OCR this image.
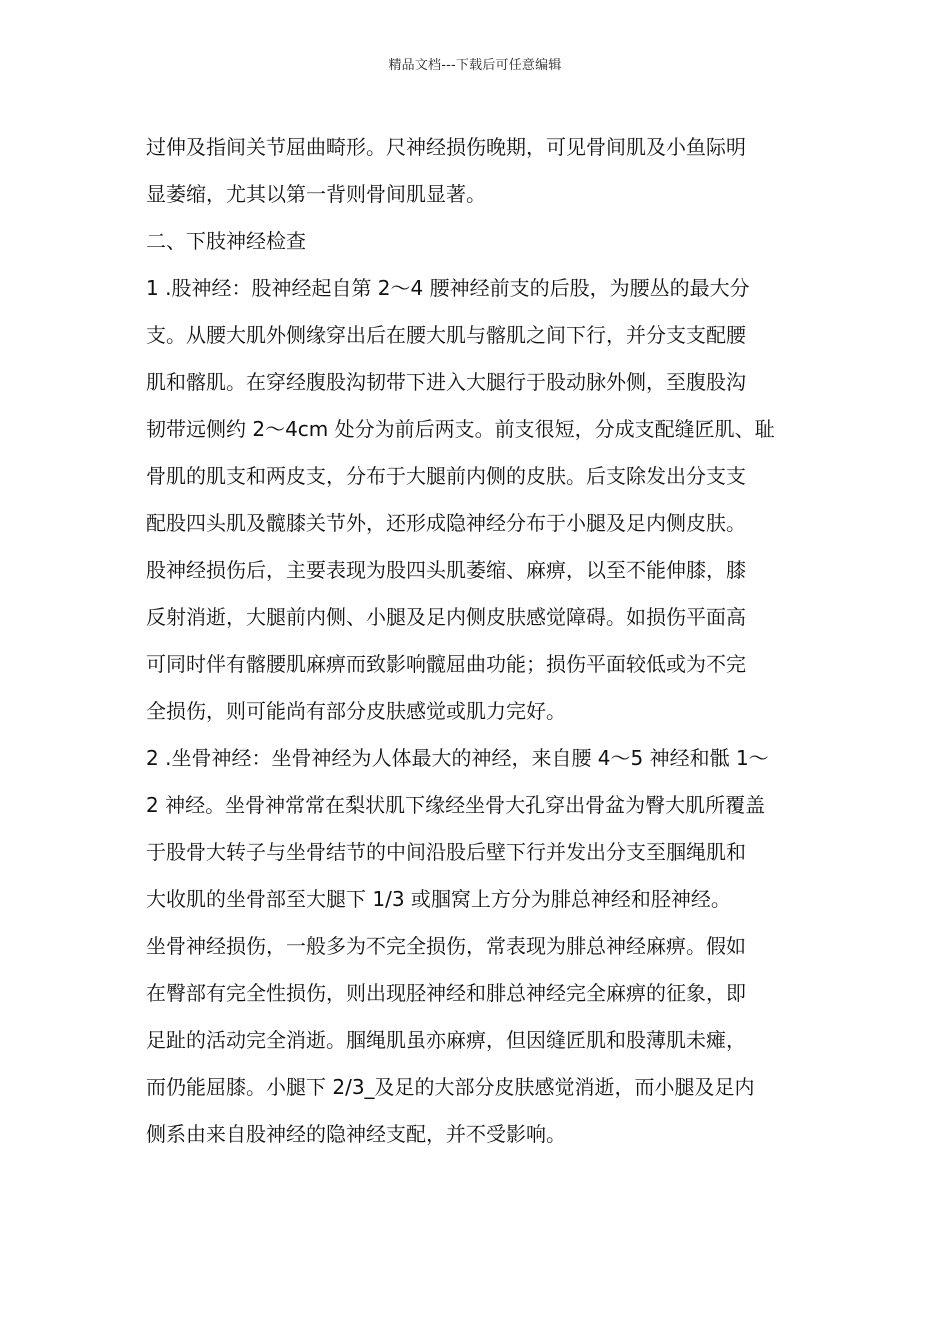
精品文档---下载后可任意编辑
过伸及指间关节屈曲畸形。尺神经损伤晚期，可见骨间肌及小鱼际明
显萎缩，尤其以第一背则骨间肌显著。
二、下肢神经检查
1 .股神经：股神经起自第 2～4 腰神经前支的后股，为腰丛的最大分
支。从腰大肌外侧缘穿出后在腰大肌与髂肌之间下行，并分支支配腰
肌和髂肌。在穿经腹股沟韧带下进入大腿行于股动脉外侧，至腹股沟
韧带远侧约 2～4cm 处分为前后两支。前支很短，分成支配缝匠肌、耻
骨肌的肌支和两皮支，分布于大腿前内侧的皮肤。后支除发出分支支
配股四头肌及髋膝关节外，还形成隐神经分布于小腿及足内侧皮肤。
股神经损伤后，主要表现为股四头肌萎缩、麻痹，以至不能伸膝，膝
反射消逝，大腿前内侧、小腿及足内侧皮肤感觉障碍。如损伤平面高
可同时伴有髂腰肌麻痹而致影响髋屈曲功能；损伤平面较低或为不完
全损伤，则可能尚有部分皮肤感觉或肌力完好。
2 .坐骨神经：坐骨神经为人体最大的神经，来自腰 4～5 神经和骶 1～
2 神经。坐骨神常常在梨状肌下缘经坐骨大孔穿出骨盆为臀大肌所覆盖
于股骨大转子与坐骨结节的中间沿股后壁下行并发出分支至腘绳肌和
大收肌的坐骨部至大腿下 1/3 或腘窝上方分为腓总神经和胫神经。
坐骨神经损伤，一般多为不完全损伤，常表现为腓总神经麻痹。假如
在臀部有完全性损伤，则出现胫神经和腓总神经完全麻痹的征象，即
足趾的活动完全消逝。腘绳肌虽亦麻痹，但因缝匠肌和股薄肌未瘫，
而仍能屈膝。小腿下 2/3_及足的大部分皮肤感觉消逝，而小腿及足内
侧系由来自股神经的隐神经支配，并不受影响。
